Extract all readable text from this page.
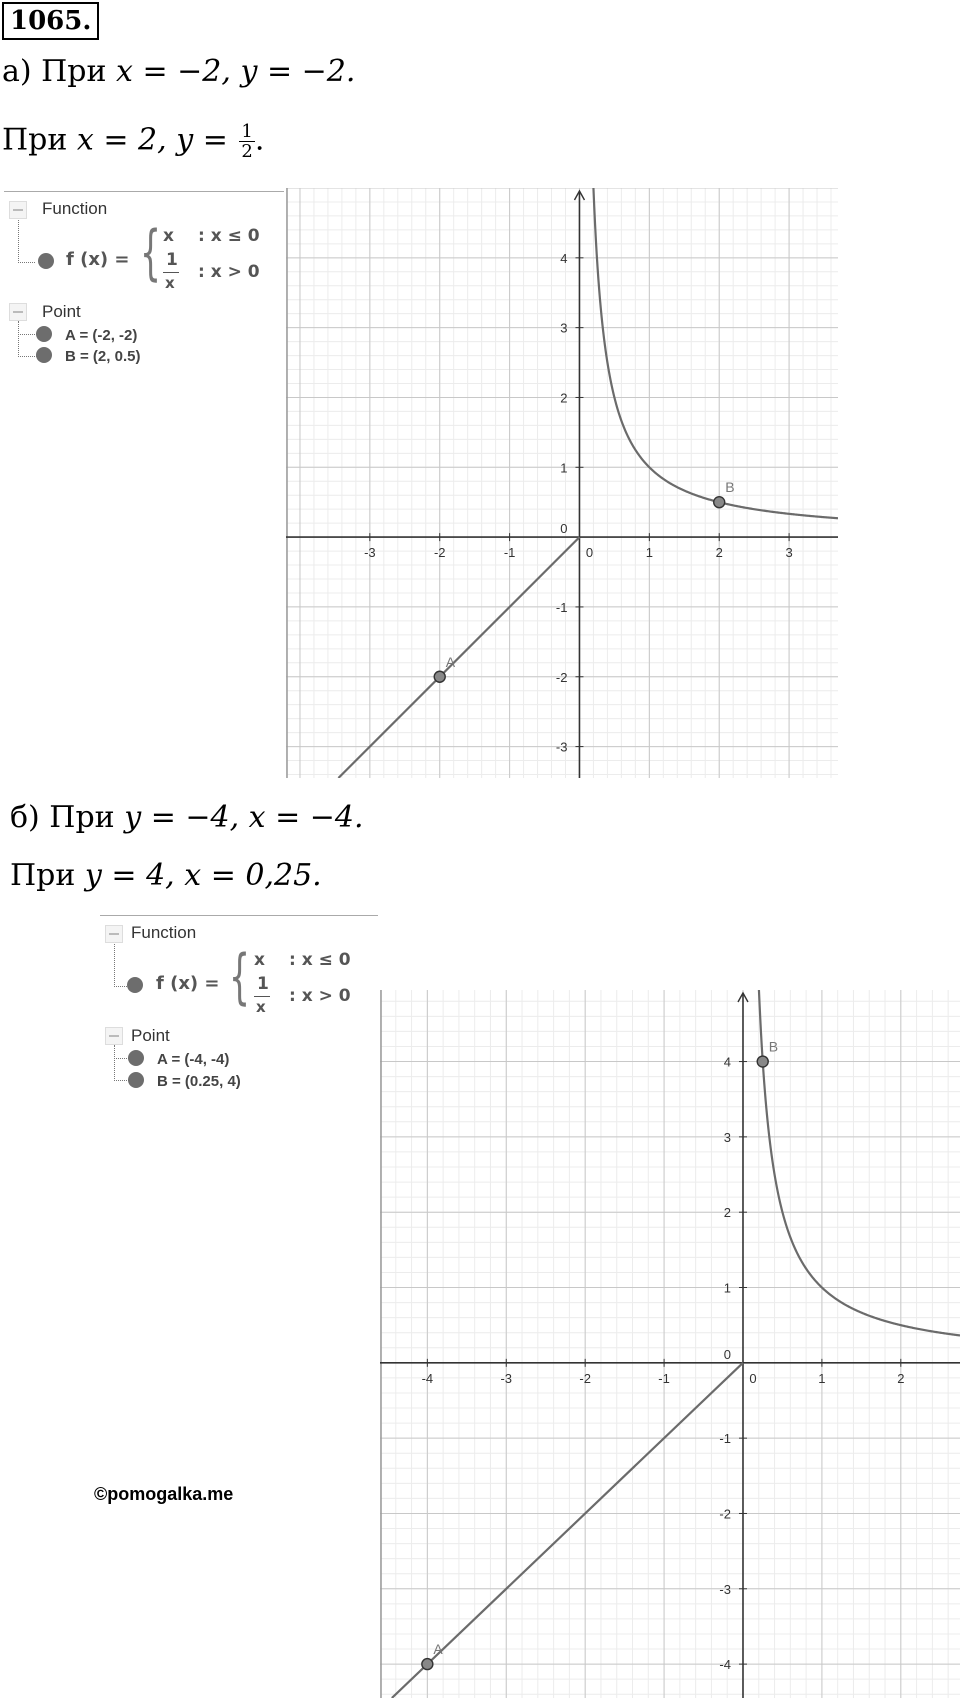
1065.
а) При x = −2, y = −2.
При x = 2, $y = \frac{1}{2}$ .
Function
f (x) = { x : x ≤ 0
1
x
: x > 0
Point
A = (-2, -2)
B = (2, 0.5)
-3	-2	-1	0	1	2	3
-3
-2
-1
0
1
2
3
4
A
B
б) При y = −4, x = −4.
При y = 4, x = 0,25.
Function
f (x) = { x : x ≤ 0
1
x
: x > 0
Point
A = (-4, -4)
B = (0.25, 4)
©pomogalka.me
-4	-3	-2	-1	0	1	2
-4
-3
-2
-1
0
1
2
3
4
A
B
